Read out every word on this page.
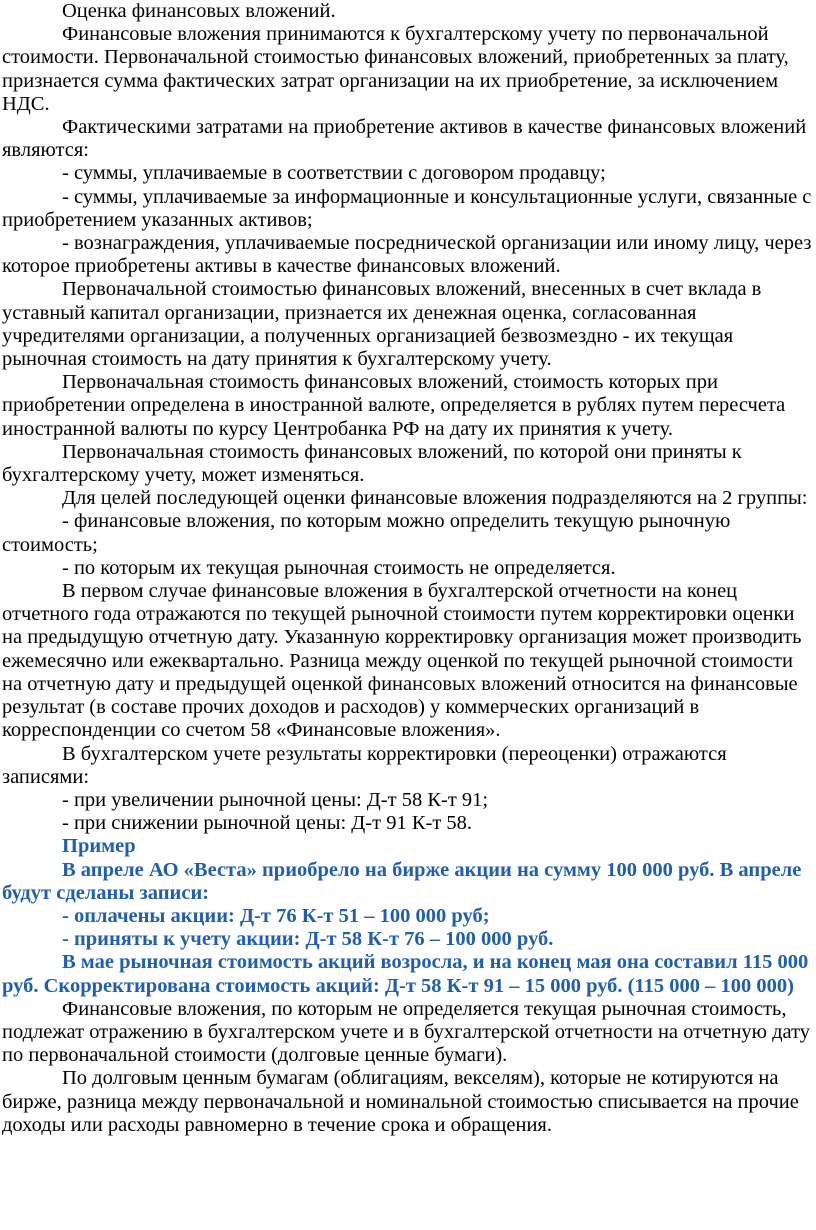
Оценка финансовых вложений.

Финансовые вложения принимаются к бухгалтерскому учету по первоначальной стоимости. Первоначальной стоимостью финансовых вложений, приобретенных за плату, признается сумма фактических затрат организации на их приобретение, за исключением НДС.

Фактическими затратами на приобретение активов в качестве финансовых вложений являются:

- суммы, уплачиваемые в соответствии с договором продавцу;

- суммы, уплачиваемые за информационные и консультационные услуги, связанные с приобретением указанных активов;

- вознаграждения, уплачиваемые посреднической организации или иному лицу, через которое приобретены активы в качестве финансовых вложений.

Первоначальной стоимостью финансовых вложений, внесенных в счет вклада в уставный капитал организации, признается их денежная оценка, согласованная учредителями организации, а полученных организацией безвозмездно - их текущая рыночная стоимость на дату принятия к бухгалтерскому учету.

Первоначальная стоимость финансовых вложений, стоимость которых при приобретении определена в иностранной валюте, определяется в рублях путем пересчета иностранной валюты по курсу Центробанка РФ на дату их принятия к учету.

Первоначальная стоимость финансовых вложений, по которой они приняты к бухгалтерскому учету, может изменяться.

Для целей последующей оценки финансовые вложения подразделяются на 2 группы:

- финансовые вложения, по которым можно определить текущую рыночную стоимость;

- по которым их текущая рыночная стоимость не определяется.

В первом случае финансовые вложения в бухгалтерской отчетности на конец отчетного года отражаются по текущей рыночной стоимости путем корректировки оценки на предыдущую отчетную дату. Указанную корректировку организация может производить ежемесячно или ежеквартально. Разница между оценкой по текущей рыночной стоимости на отчетную дату и предыдущей оценкой финансовых вложений относится на финансовые результат (в составе прочих доходов и расходов) у коммерческих организаций в корреспонденции со счетом 58 «Финансовые вложения».

В бухгалтерском учете результаты корректировки (переоценки) отражаются записями:

- при увеличении рыночной цены: Д-т 58 К-т 91;

- при снижении рыночной цены: Д-т 91 К-т 58.

Пример

В апреле АО «Веста» приобрело на бирже акции на сумму 100 000 руб. В апреле будут сделаны записи:

- оплачены акции: Д-т 76 К-т 51 – 100 000 руб;

- приняты к учету акции: Д-т 58 К-т 76 – 100 000 руб.

В мае рыночная стоимость акций возросла, и на конец мая она составил 115 000 руб. Скорректирована стоимость акций: Д-т 58 К-т 91 – 15 000 руб. (115 000 – 100 000)

Финансовые вложения, по которым не определяется текущая рыночная стоимость, подлежат отражению в бухгалтерском учете и в бухгалтерской отчетности на отчетную дату по первоначальной стоимости (долговые ценные бумаги).

По долговым ценным бумагам (облигациям, векселям), которые не котируются на бирже, разница между первоначальной и номинальной стоимостью списывается на прочие доходы или расходы равномерно в течение срока и обращения.
